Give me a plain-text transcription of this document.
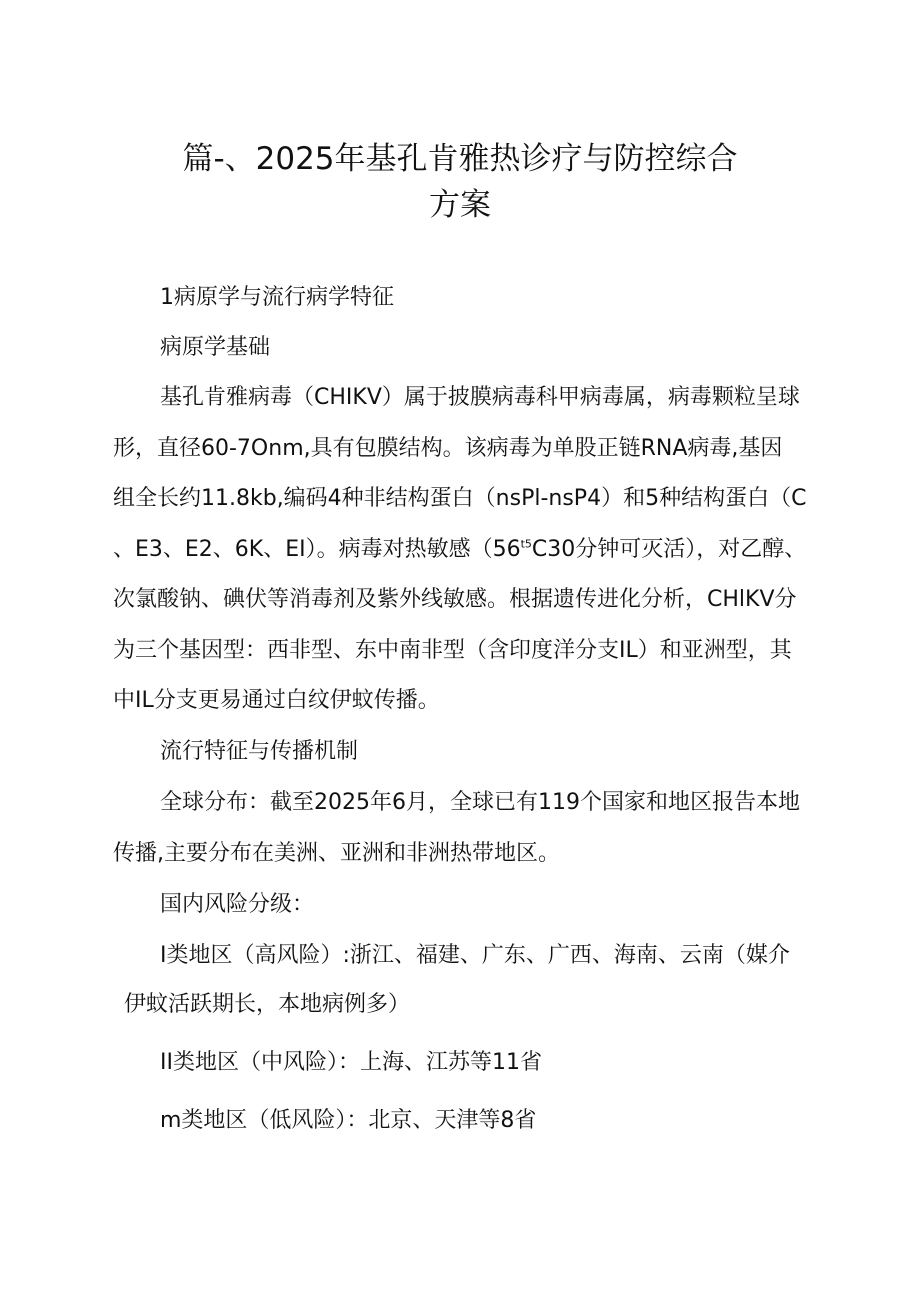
篇-、2025年基孔肯雅热诊疗与防控综合
方案

1病原学与流行病学特征

病原学基础

基孔肯雅病毒（CHIKV）属于披膜病毒科甲病毒属，病毒颗粒呈球

形，直径60-7Onm,具有包膜结构。该病毒为单股正链RNA病毒,基因

组全长约11.8kb,编码4种非结构蛋白（nsPl-nsP4）和5种结构蛋白（C

、E3、E2、6K、EI）。病毒对热敏感（$56^{t5}C30$分钟可灭活），对乙醇、

次氯酸钠、碘伏等消毒剂及紫外线敏感。根据遗传进化分析，CHlKV分

为三个基因型：西非型、东中南非型（含印度洋分支IL）和亚洲型，其

中IL分支更易通过白纹伊蚊传播。

流行特征与传播机制

全球分布：截至2025年6月，全球已有119个国家和地区报告本地

传播,主要分布在美洲、亚洲和非洲热带地区。

国内风险分级：

I类地区（高风险）:浙江、福建、广东、广西、海南、云南（媒介

伊蚊活跃期长，本地病例多）

II类地区（中风险）：上海、江苏等11省

m类地区（低风险）：北京、天津等8省
